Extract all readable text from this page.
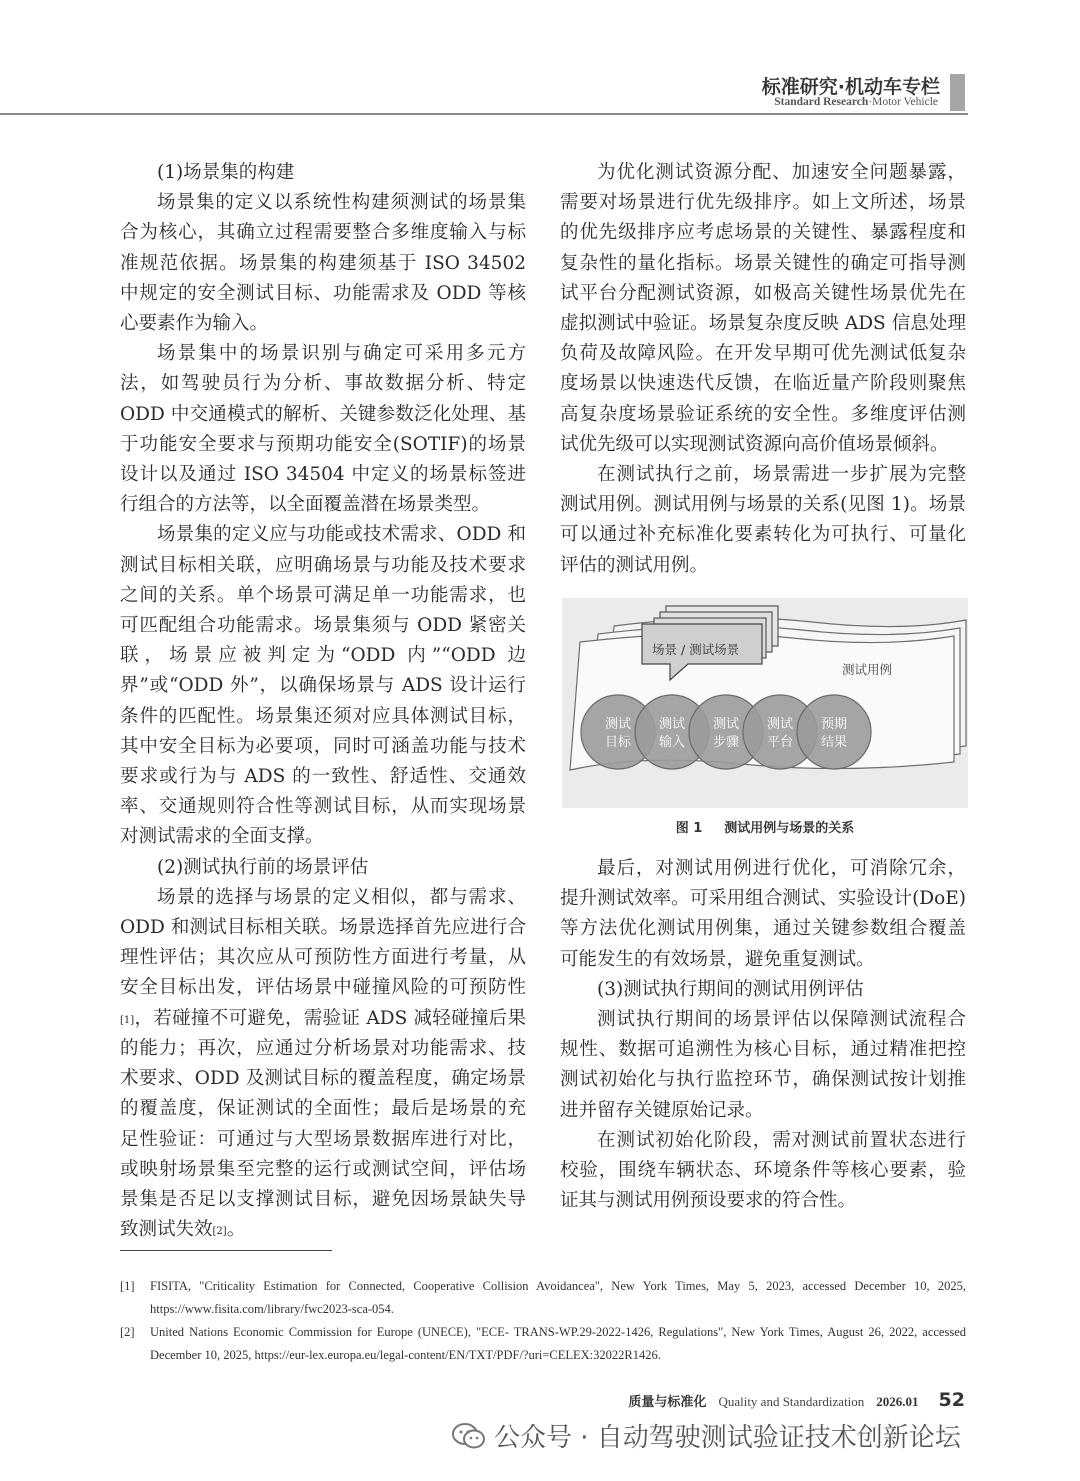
标准研究·机动车专栏
Standard Research·Motor Vehicle

(1)场景集的构建

场景集的定义以系统性构建须测试的场景集合为核心，其确立过程需要整合多维度输入与标准规范依据。场景集的构建须基于 ISO 34502 中规定的安全测试目标、功能需求及 ODD 等核心要素作为输入。

场景集中的场景识别与确定可采用多元方法，如驾驶员行为分析、事故数据分析、特定 ODD 中交通模式的解析、关键参数泛化处理、基于功能安全要求与预期功能安全(SOTIF)的场景设计以及通过 ISO 34504 中定义的场景标签进行组合的方法等，以全面覆盖潜在场景类型。

场景集的定义应与功能或技术需求、ODD 和测试目标相关联，应明确场景与功能及技术要求之间的关系。单个场景可满足单一功能需求，也可匹配组合功能需求。场景集须与 ODD 紧密关联，场景应被判定为“ODD 内”“ODD 边界”或“ODD 外”，以确保场景与 ADS 设计运行条件的匹配性。场景集还须对应具体测试目标，其中安全目标为必要项，同时可涵盖功能与技术要求或行为与 ADS 的一致性、舒适性、交通效率、交通规则符合性等测试目标，从而实现场景对测试需求的全面支撑。

(2)测试执行前的场景评估

场景的选择与场景的定义相似，都与需求、ODD 和测试目标相关联。场景选择首先应进行合理性评估；其次应从可预防性方面进行考量，从安全目标出发，评估场景中碰撞风险的可预防性[1]，若碰撞不可避免，需验证 ADS 减轻碰撞后果的能力；再次，应通过分析场景对功能需求、技术要求、ODD 及测试目标的覆盖程度，确定场景的覆盖度，保证测试的全面性；最后是场景的充足性验证：可通过与大型场景数据库进行对比，或映射场景集至完整的运行或测试空间，评估场景集是否足以支撑测试目标，避免因场景缺失导致测试失效[2]。

为优化测试资源分配、加速安全问题暴露，需要对场景进行优先级排序。如上文所述，场景的优先级排序应考虑场景的关键性、暴露程度和复杂性的量化指标。场景关键性的确定可指导测试平台分配测试资源，如极高关键性场景优先在虚拟测试中验证。场景复杂度反映 ADS 信息处理负荷及故障风险。在开发早期可优先测试低复杂度场景以快速迭代反馈，在临近量产阶段则聚焦高复杂度场景验证系统的安全性。多维度评估测试优先级可以实现测试资源向高价值场景倾斜。

在测试执行之前，场景需进一步扩展为完整测试用例。测试用例与场景的关系(见图 1)。场景可以通过补充标准化要素转化为可执行、可量化评估的测试用例。

测试用例
场景 / 测试场景
测试
目标
测试
输入
测试
步骤
测试
平台
预期
结果
图 1 测试用例与场景的关系

最后，对测试用例进行优化，可消除冗余，提升测试效率。可采用组合测试、实验设计(DoE)等方法优化测试用例集，通过关键参数组合覆盖可能发生的有效场景，避免重复测试。

(3)测试执行期间的测试用例评估

测试执行期间的场景评估以保障测试流程合规性、数据可追溯性为核心目标，通过精准把控测试初始化与执行监控环节，确保测试按计划推进并留存关键原始记录。

在测试初始化阶段，需对测试前置状态进行校验，围绕车辆状态、环境条件等核心要素，验证其与测试用例预设要求的符合性。

[1]	FISITA, "Criticality Estimation for Connected, Cooperative Collision Avoidancea", New York Times, May 5, 2023, accessed December 10, 2025, https://www.fisita.com/library/fwc2023-sca-054.
[2]	United Nations Economic Commission for Europe (UNECE), "ECE- TRANS-WP.29-2022-1426, Regulations", New York Times, August 26, 2022, accessed December 10, 2025, https://eur-lex.europa.eu/legal-content/EN/TXT/PDF/?uri=CELEX:32022R1426.
质量与标准化 Quality and Standardization 2026.01 52
公众号 · 自动驾驶测试验证技术创新论坛
